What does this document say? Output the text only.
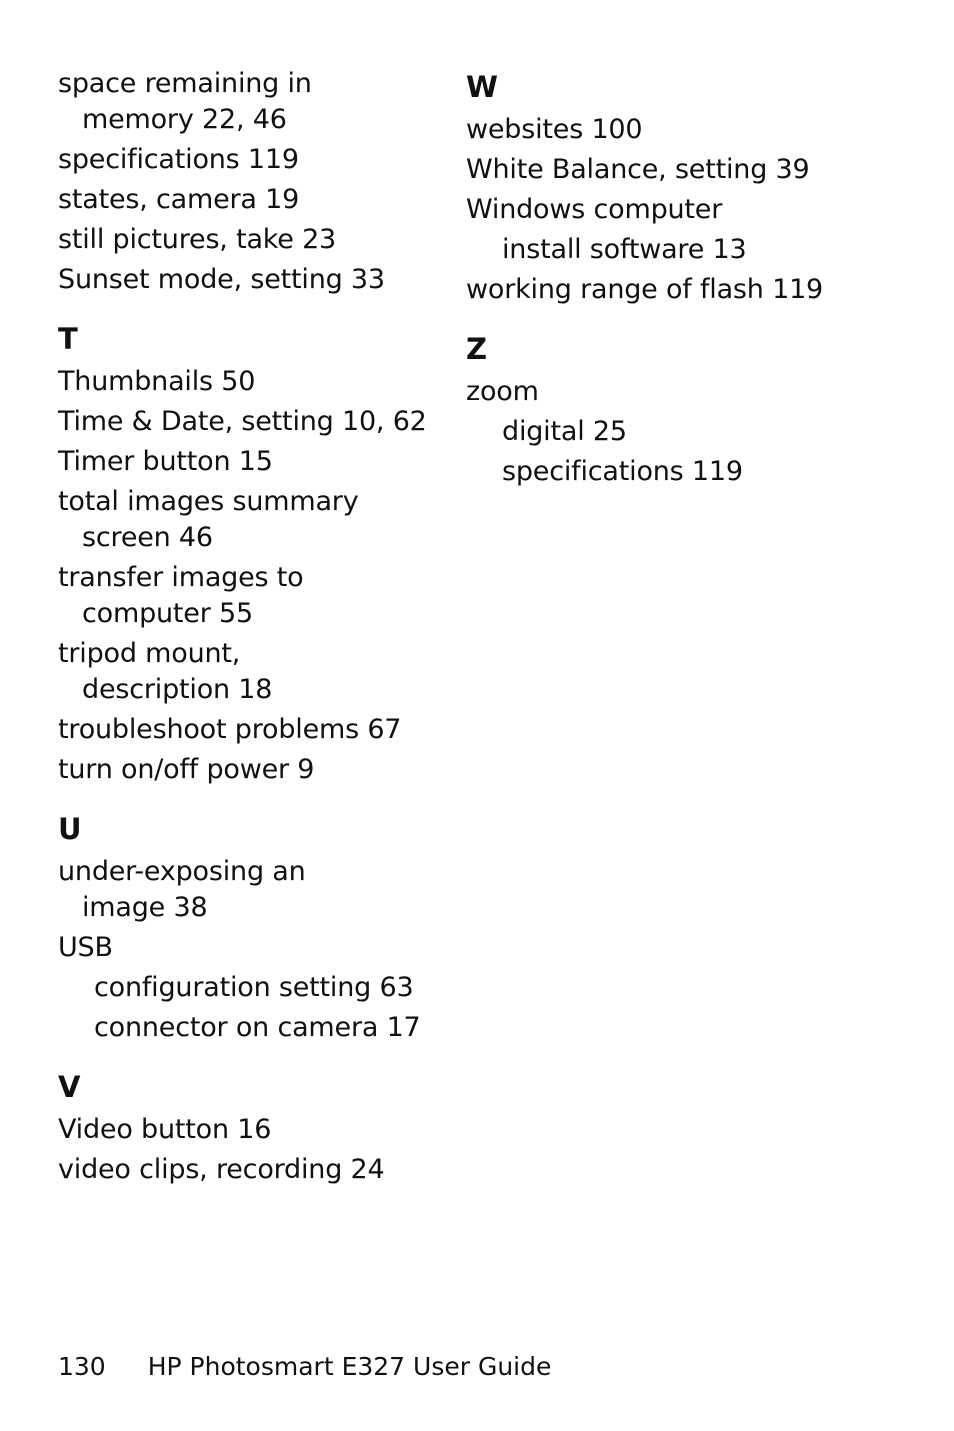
space remaining in
memory 22, 46
specifications 119
states, camera 19
still pictures, take 23
Sunset mode, setting 33
T
Thumbnails 50
Time & Date, setting 10, 62
Timer button 15
total images summary
screen 46
transfer images to
computer 55
tripod mount,
description 18
troubleshoot problems 67
turn on/off power 9
U
under-exposing an
image 38
USB
configuration setting 63
connector on camera 17
V
Video button 16
video clips, recording 24
W
websites 100
White Balance, setting 39
Windows computer
install software 13
working range of flash 119
Z
zoom
digital 25
specifications 119
130 HP Photosmart E327 User Guide
